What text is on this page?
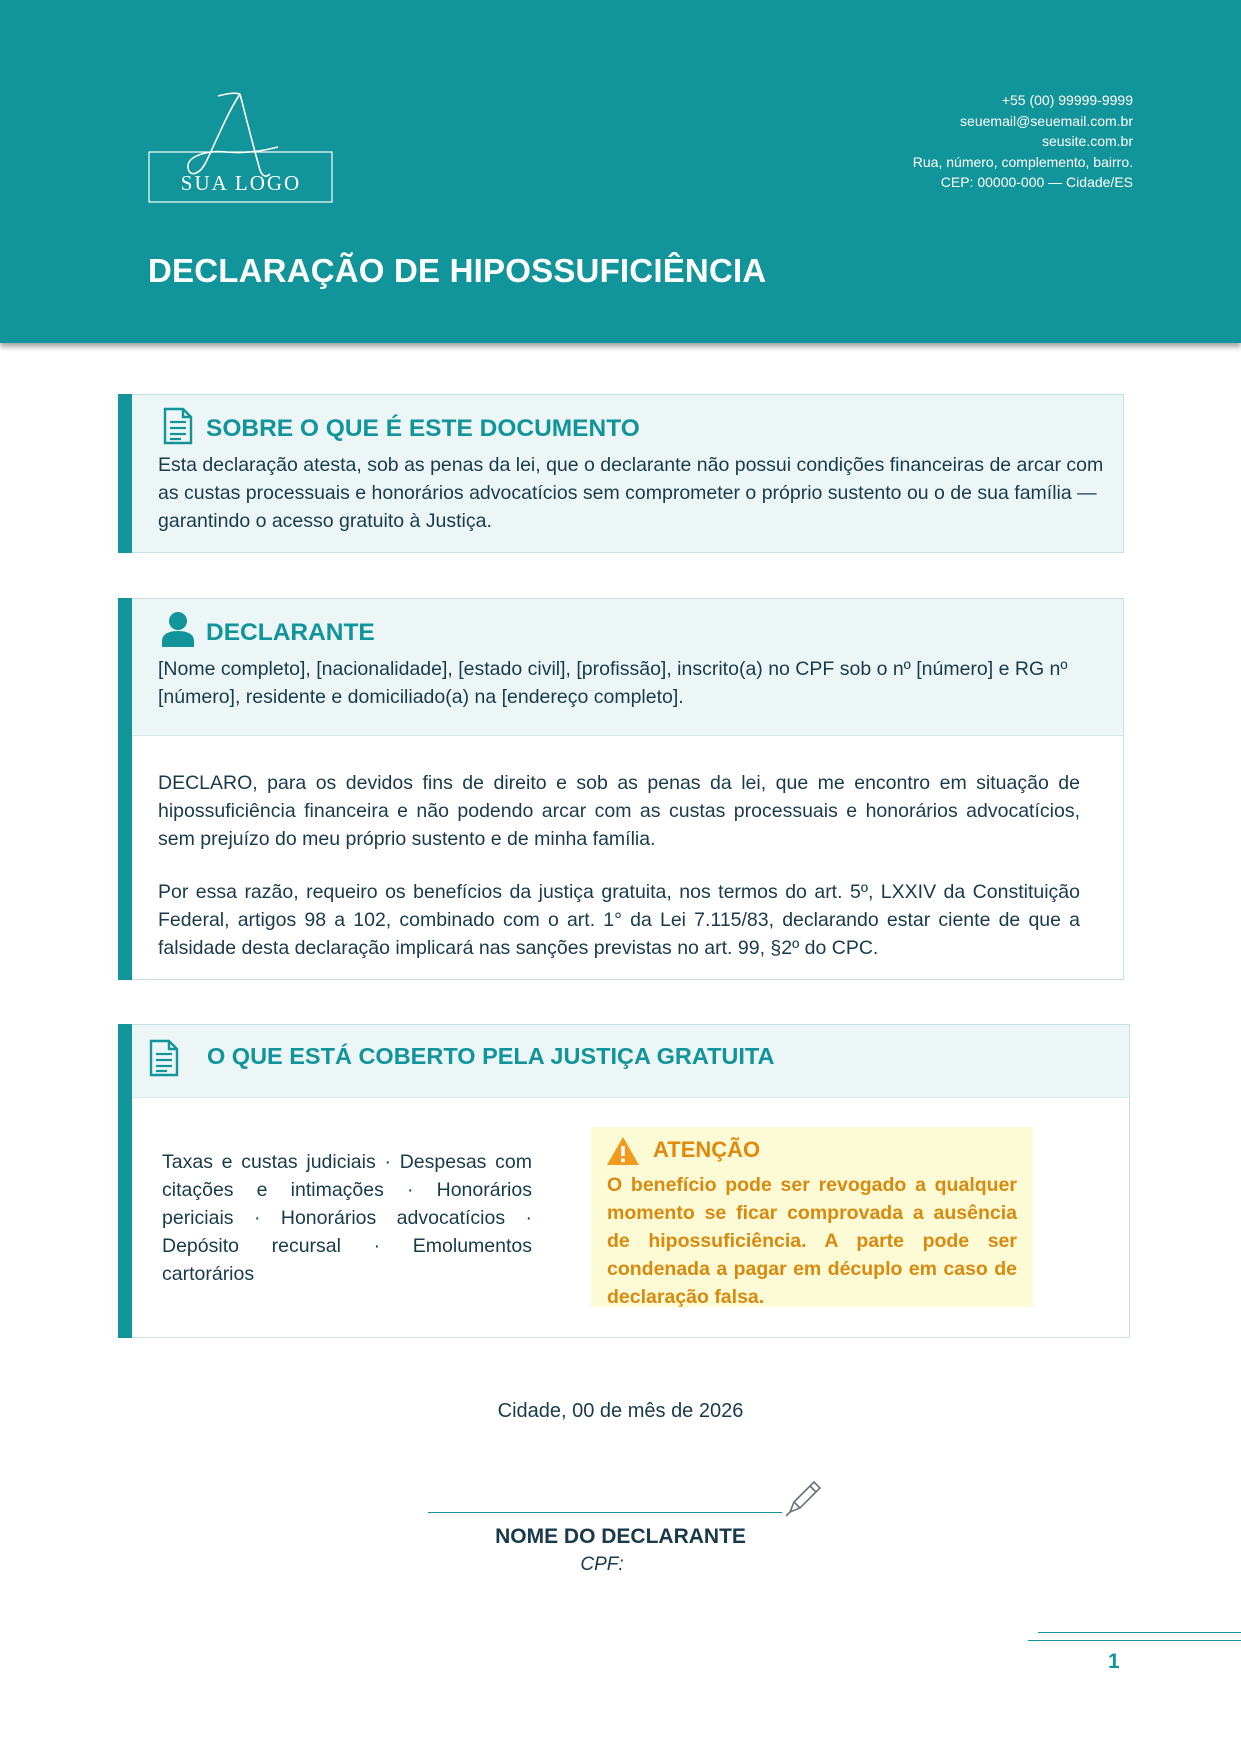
SUA LOGO
+55 (00) 99999-9999
seuemail@seuemail.com.br
seusite.com.br
Rua, número, complemento, bairro.
CEP: 00000-000 — Cidade/ES
DECLARAÇÃO DE HIPOSSUFICIÊNCIA
SOBRE O QUE É ESTE DOCUMENTO

Esta declaração atesta, sob as penas da lei, que o declarante não possui condições financeiras de arcar com as custas processuais e honorários advocatícios sem comprometer o próprio sustento ou o de sua família — garantindo o acesso gratuito à Justiça.

DECLARANTE

[Nome completo], [nacionalidade], [estado civil], [profissão], inscrito(a) no CPF sob o nº [número] e RG nº [número], residente e domiciliado(a) na [endereço completo].

DECLARO, para os devidos fins de direito e sob as penas da lei, que me encontro em situação de hipossuficiência financeira e não podendo arcar com as custas processuais e honorários advocatícios, sem prejuízo do meu próprio sustento e de minha família.

Por essa razão, requeiro os benefícios da justiça gratuita, nos termos do art. 5º, LXXIV da Constituição Federal, artigos 98 a 102, combinado com o art. 1° da Lei 7.115/83, declarando estar ciente de que a falsidade desta declaração implicará nas sanções previstas no art. 99, §2º do CPC.

O QUE ESTÁ COBERTO PELA JUSTIÇA GRATUITA

Taxas e custas judiciais · Despesas com citações e intimações · Honorários periciais · Honorários advocatícios · Depósito recursal · Emolumentos cartorários

ATENÇÃO

O benefício pode ser revogado a qualquer momento se ficar comprovada a ausência de hipossuficiência. A parte pode ser condenada a pagar em décuplo em caso de declaração falsa.

Cidade, 00 de mês de 2026
NOME DO DECLARANTE
CPF:
1
